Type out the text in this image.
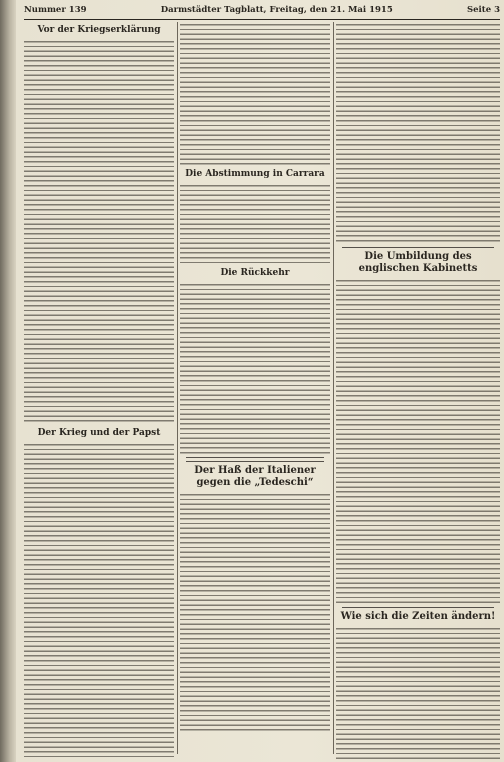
Nummer 139	Darmstädter Tagblatt, Freitag, den 21. Mai 1915	Seite 3
Vor der Kriegserklärung
Der Krieg und der Papst
Die Abstimmung in Carrara
Die Rückkehr
Der Haß der Italiener gegen die „Tedeschi“
Die Umbildung des englischen Kabinetts
Wie sich die Zeiten ändern!
